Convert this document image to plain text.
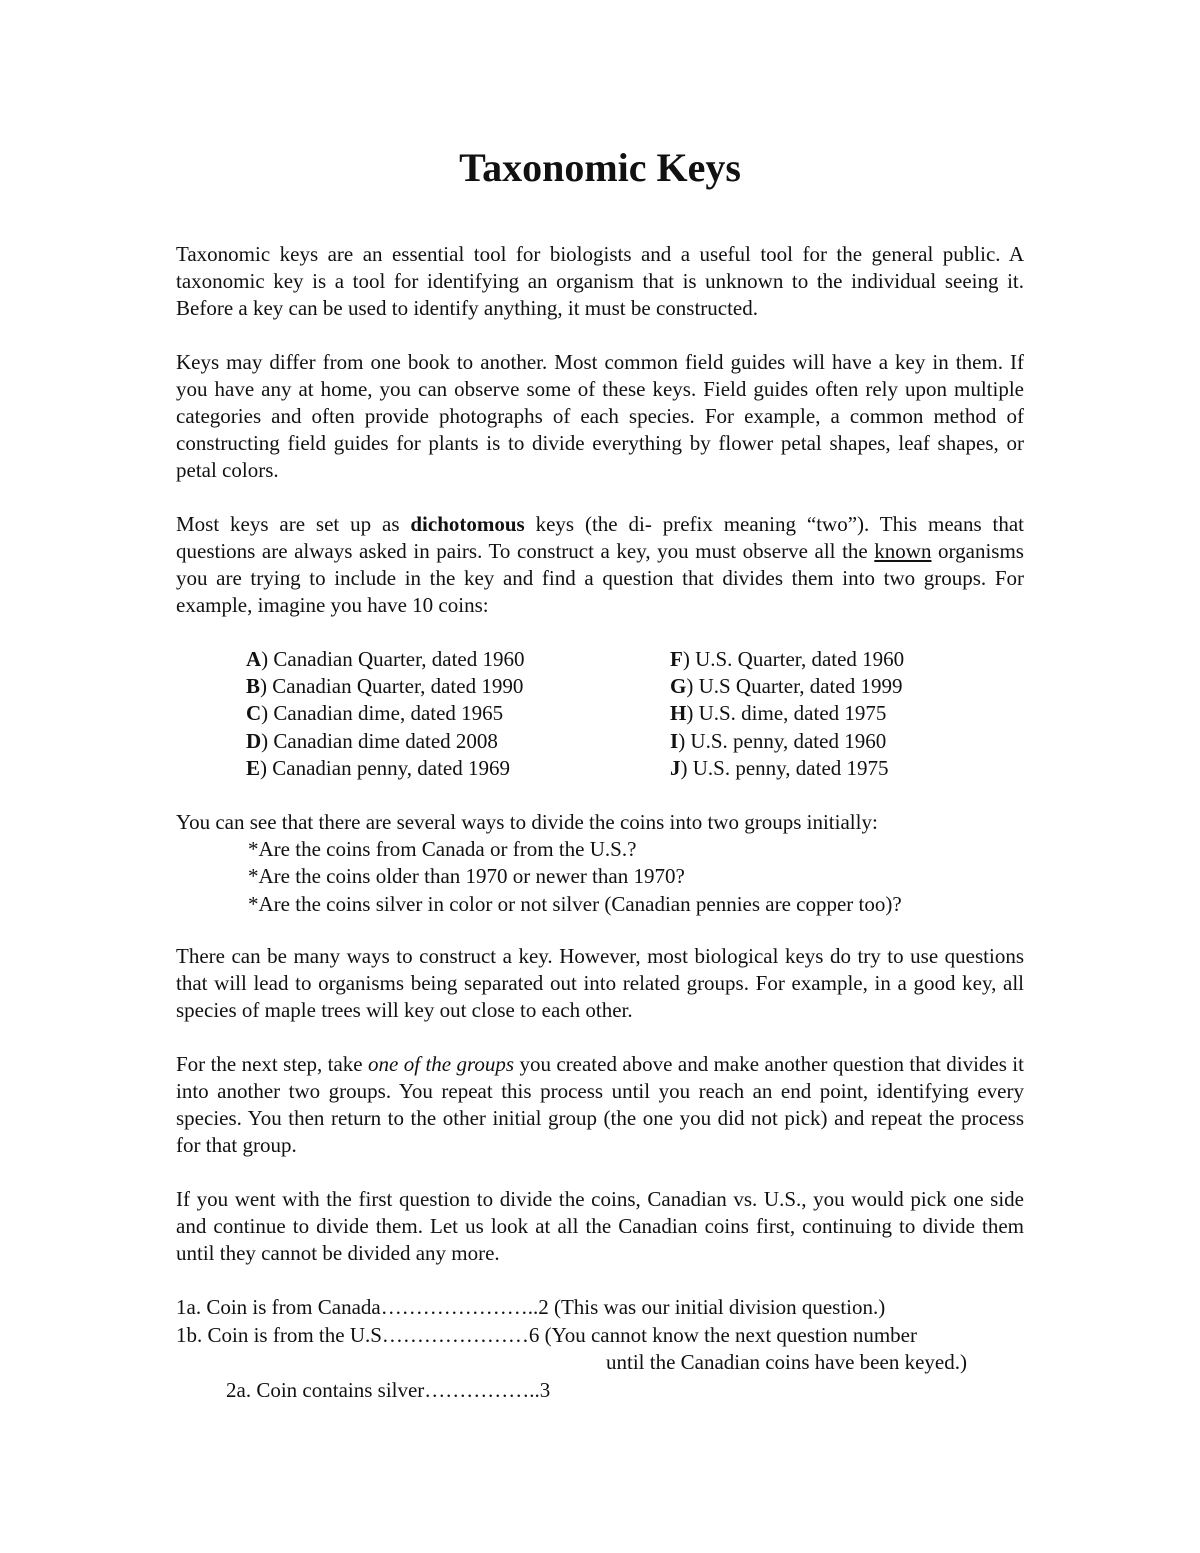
Taxonomic Keys

Taxonomic keys are an essential tool for biologists and a useful tool for the general public. A taxonomic key is a tool for identifying an organism that is unknown to the individual seeing it. Before a key can be used to identify anything, it must be constructed.

Keys may differ from one book to another. Most common field guides will have a key in them. If you have any at home, you can observe some of these keys. Field guides often rely upon multiple categories and often provide photographs of each species. For example, a common method of constructing field guides for plants is to divide everything by flower petal shapes, leaf shapes, or petal colors.

Most keys are set up as dichotomous keys (the di- prefix meaning “two”). This means that questions are always asked in pairs. To construct a key, you must observe all the known organisms you are trying to include in the key and find a question that divides them into two groups. For example, imagine you have 10 coins:

A) Canadian Quarter, dated 1960
B) Canadian Quarter, dated 1990
C) Canadian dime, dated 1965
D) Canadian dime dated 2008
E) Canadian penny, dated 1969
F) U.S. Quarter, dated 1960
G) U.S Quarter, dated 1999
H) U.S. dime, dated 1975
I) U.S. penny, dated 1960
J) U.S. penny, dated 1975
You can see that there are several ways to divide the coins into two groups initially:
*Are the coins from Canada or from the U.S.?
*Are the coins older than 1970 or newer than 1970?
*Are the coins silver in color or not silver (Canadian pennies are copper too)?

There can be many ways to construct a key. However, most biological keys do try to use questions that will lead to organisms being separated out into related groups. For example, in a good key, all species of maple trees will key out close to each other.

For the next step, take one of the groups you created above and make another question that divides it into another two groups. You repeat this process until you reach an end point, identifying every species. You then return to the other initial group (the one you did not pick) and repeat the process for that group.

If you went with the first question to divide the coins, Canadian vs. U.S., you would pick one side and continue to divide them. Let us look at all the Canadian coins first, continuing to divide them until they cannot be divided any more.

1a. Coin is from Canada…………………..2 (This was our initial division question.)
1b. Coin is from the U.S…………………6 (You cannot know the next question number
until the Canadian coins have been keyed.)
2a. Coin contains silver……………..3
